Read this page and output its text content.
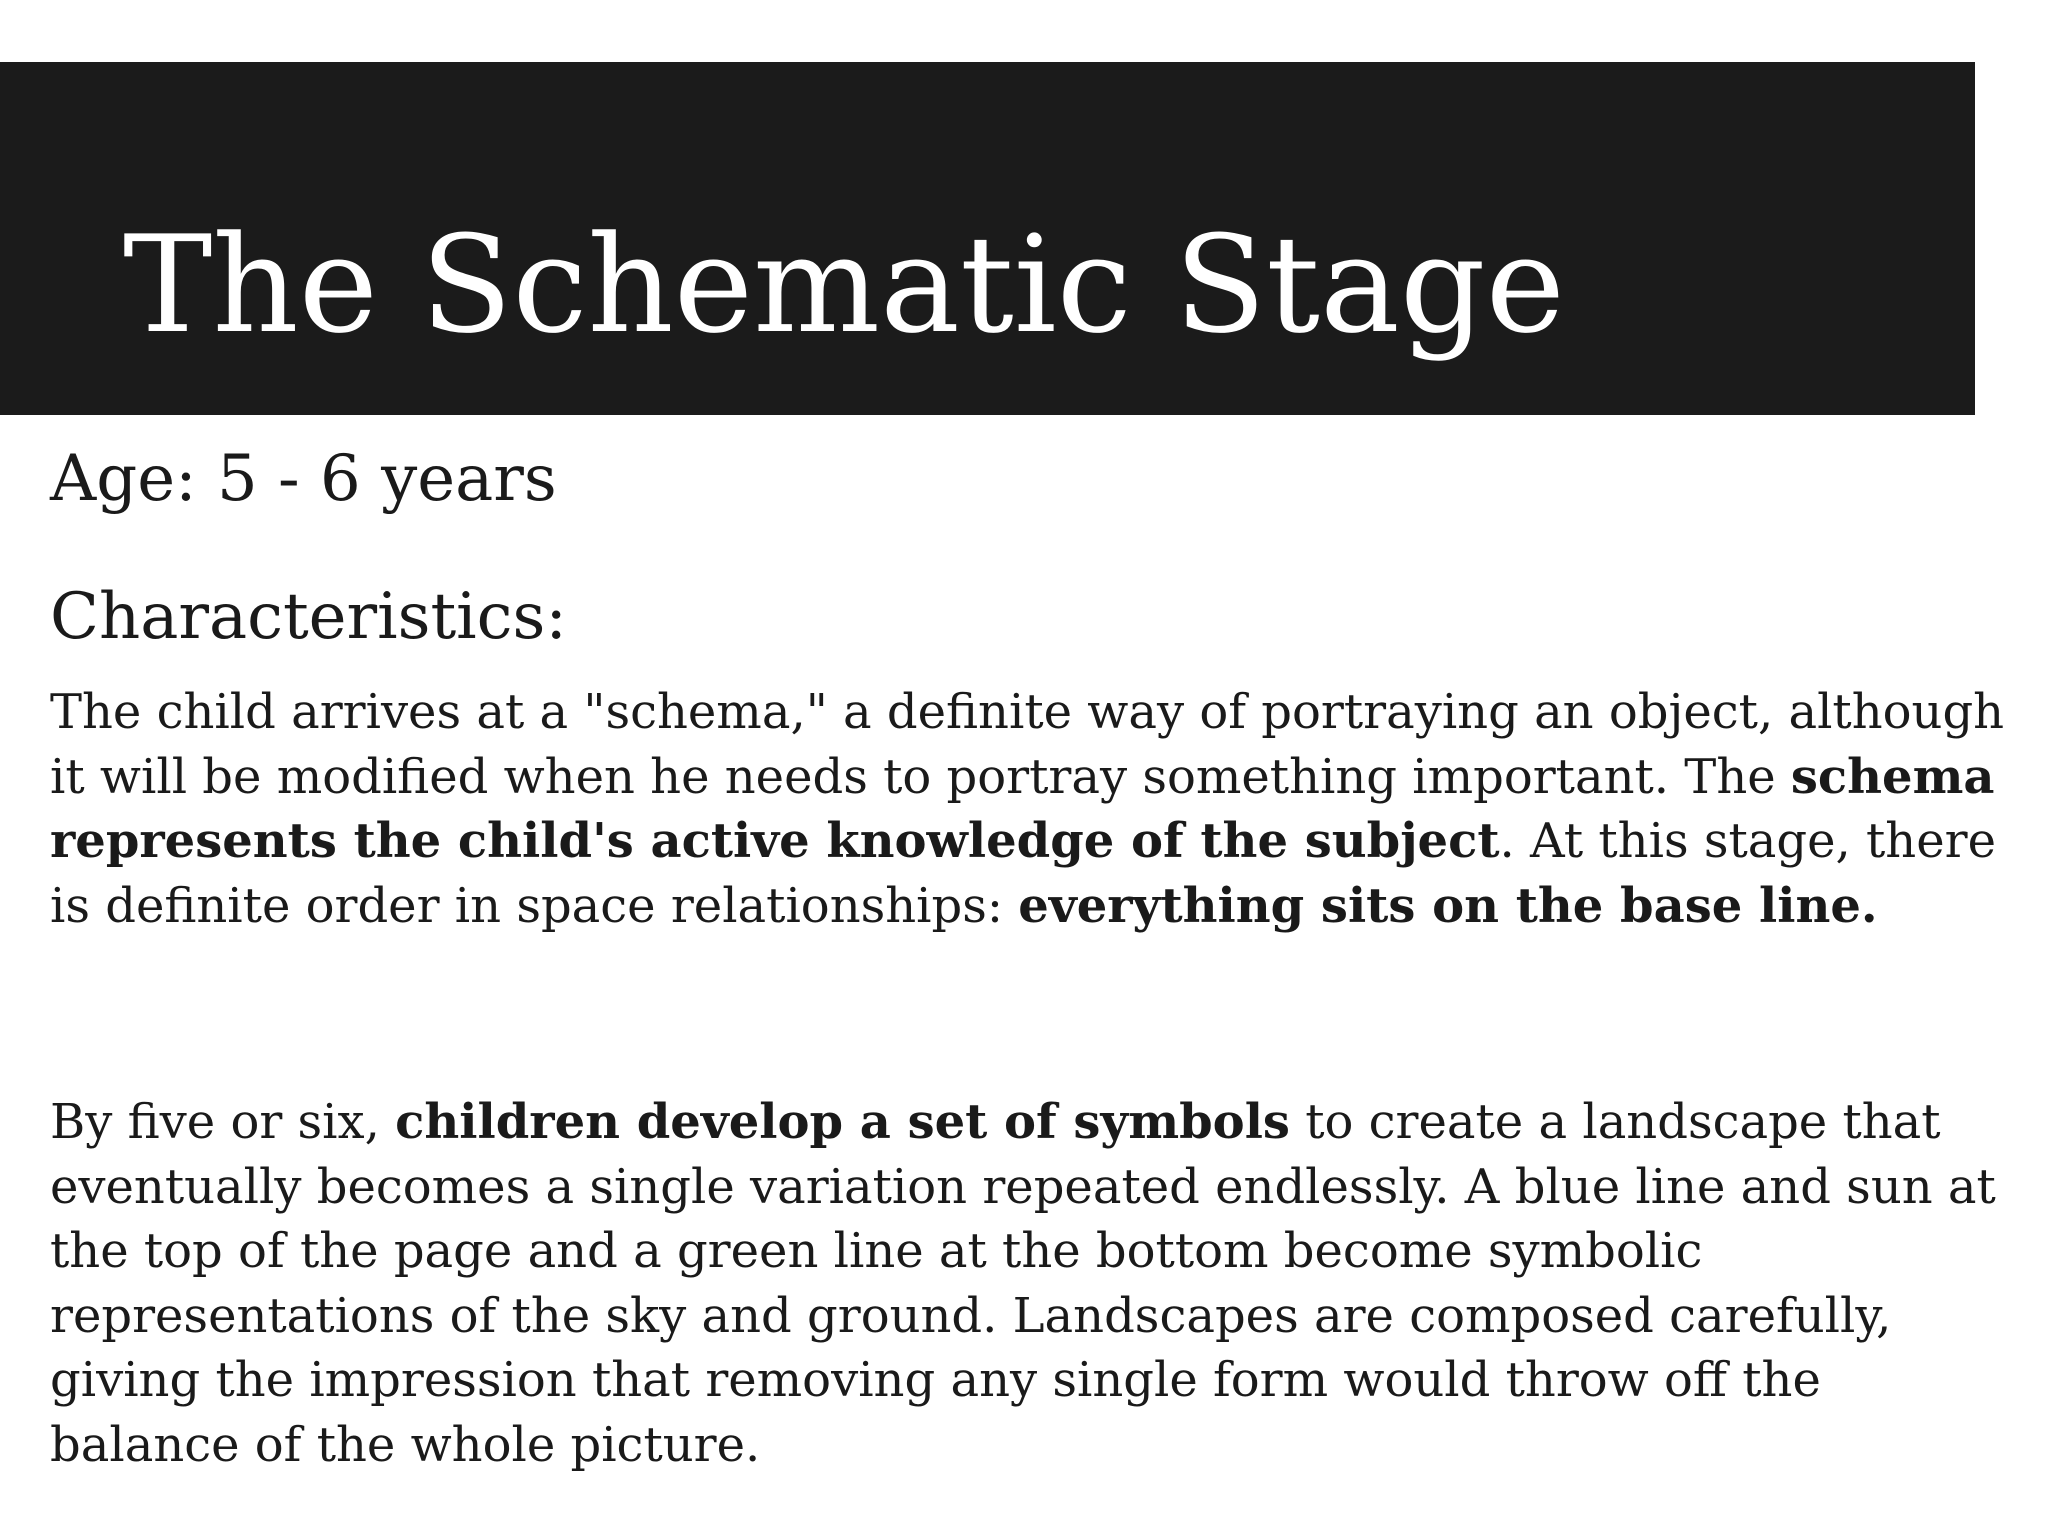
The Schematic Stage
Age: 5 - 6 years
Characteristics:

The child arrives at a "schema," a definite way of portraying an object, although it will be modified when he needs to portray something important. The schema represents the child's active knowledge of the subject. At this stage, there is definite order in space relationships: everything sits on the base line.

By five or six, children develop a set of symbols to create a landscape that eventually becomes a single variation repeated endlessly. A blue line and sun at the top of the page and a green line at the bottom become symbolic representations of the sky and ground. Landscapes are composed carefully, giving the impression that removing any single form would throw off the balance of the whole picture.
